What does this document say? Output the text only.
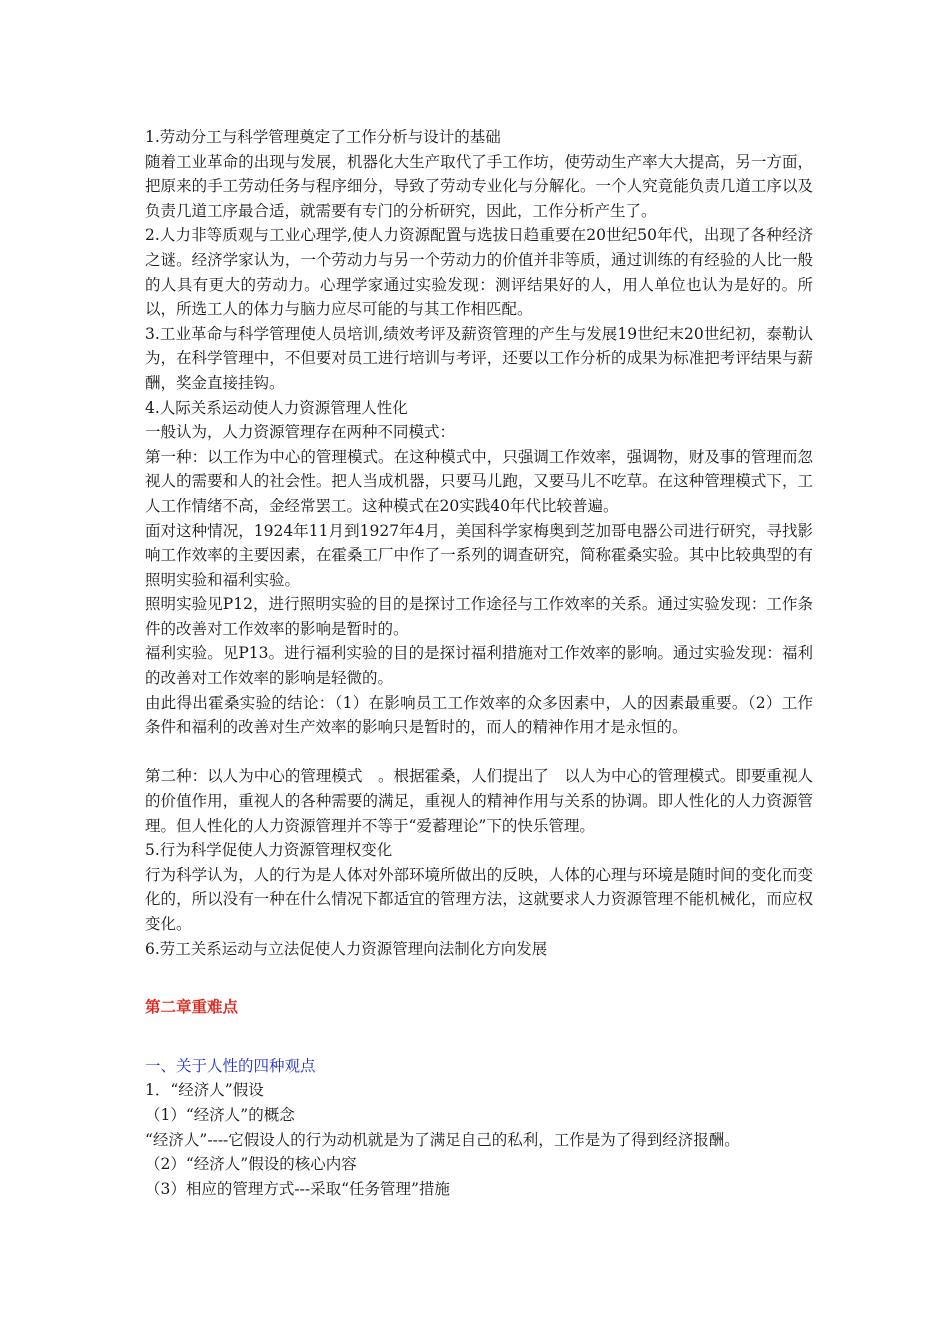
1.劳动分工与科学管理奠定了工作分析与设计的基础

随着工业革命的出现与发展，机器化大生产取代了手工作坊，使劳动生产率大大提高，另一方面，把原来的手工劳动任务与程序细分，导致了劳动专业化与分解化。一个人究竟能负责几道工序以及负责几道工序最合适，就需要有专门的分析研究，因此，工作分析产生了。

2.人力非等质观与工业心理学,使人力资源配置与选拔日趋重要在20世纪50年代，出现了各种经济之谜。经济学家认为，一个劳动力与另一个劳动力的价值并非等质，通过训练的有经验的人比一般的人具有更大的劳动力。心理学家通过实验发现：测评结果好的人，用人单位也认为是好的。所以，所选工人的体力与脑力应尽可能的与其工作相匹配。

3.工业革命与科学管理使人员培训,绩效考评及薪资管理的产生与发展19世纪末20世纪初，泰勒认为，在科学管理中，不但要对员工进行培训与考评，还要以工作分析的成果为标准把考评结果与薪酬，奖金直接挂钩。

4.人际关系运动使人力资源管理人性化

一般认为，人力资源管理存在两种不同模式：

第一种：以工作为中心的管理模式。在这种模式中，只强调工作效率，强调物，财及事的管理而忽视人的需要和人的社会性。把人当成机器，只要马儿跑，又要马儿不吃草。在这种管理模式下，工人工作情绪不高，金经常罢工。这种模式在20实践40年代比较普遍。

面对这种情况，1924年11月到1927年4月，美国科学家梅奥到芝加哥电器公司进行研究，寻找影响工作效率的主要因素，在霍桑工厂中作了一系列的调查研究，简称霍桑实验。其中比较典型的有照明实验和福利实验。

照明实验见P12，进行照明实验的目的是探讨工作途径与工作效率的关系。通过实验发现：工作条件的改善对工作效率的影响是暂时的。

福利实验。见P13。进行福利实验的目的是探讨福利措施对工作效率的影响。通过实验发现：福利的改善对工作效率的影响是轻微的。

由此得出霍桑实验的结论：（1）在影响员工工作效率的众多因素中，人的因素最重要。（2）工作条件和福利的改善对生产效率的影响只是暂时的，而人的精神作用才是永恒的。

第二种：以人为中心的管理模式　。根据霍桑，人们提出了　以人为中心的管理模式。即要重视人的价值作用，重视人的各种需要的满足，重视人的精神作用与关系的协调。即人性化的人力资源管理。但人性化的人力资源管理并不等于“爱蓄理论”下的快乐管理。

5.行为科学促使人力资源管理权变化

行为科学认为，人的行为是人体对外部环境所做出的反映，人体的心理与环境是随时间的变化而变化的，所以没有一种在什么情况下都适宜的管理方法，这就要求人力资源管理不能机械化，而应权变化。

6.劳工关系运动与立法促使人力资源管理向法制化方向发展

第二章重难点

一、关于人性的四种观点

1．“经济人”假设

（1）“经济人”的概念

“经济人”----它假设人的行为动机就是为了满足自己的私利，工作是为了得到经济报酬。

（2）“经济人”假设的核心内容

（3）相应的管理方式---采取“任务管理”措施
